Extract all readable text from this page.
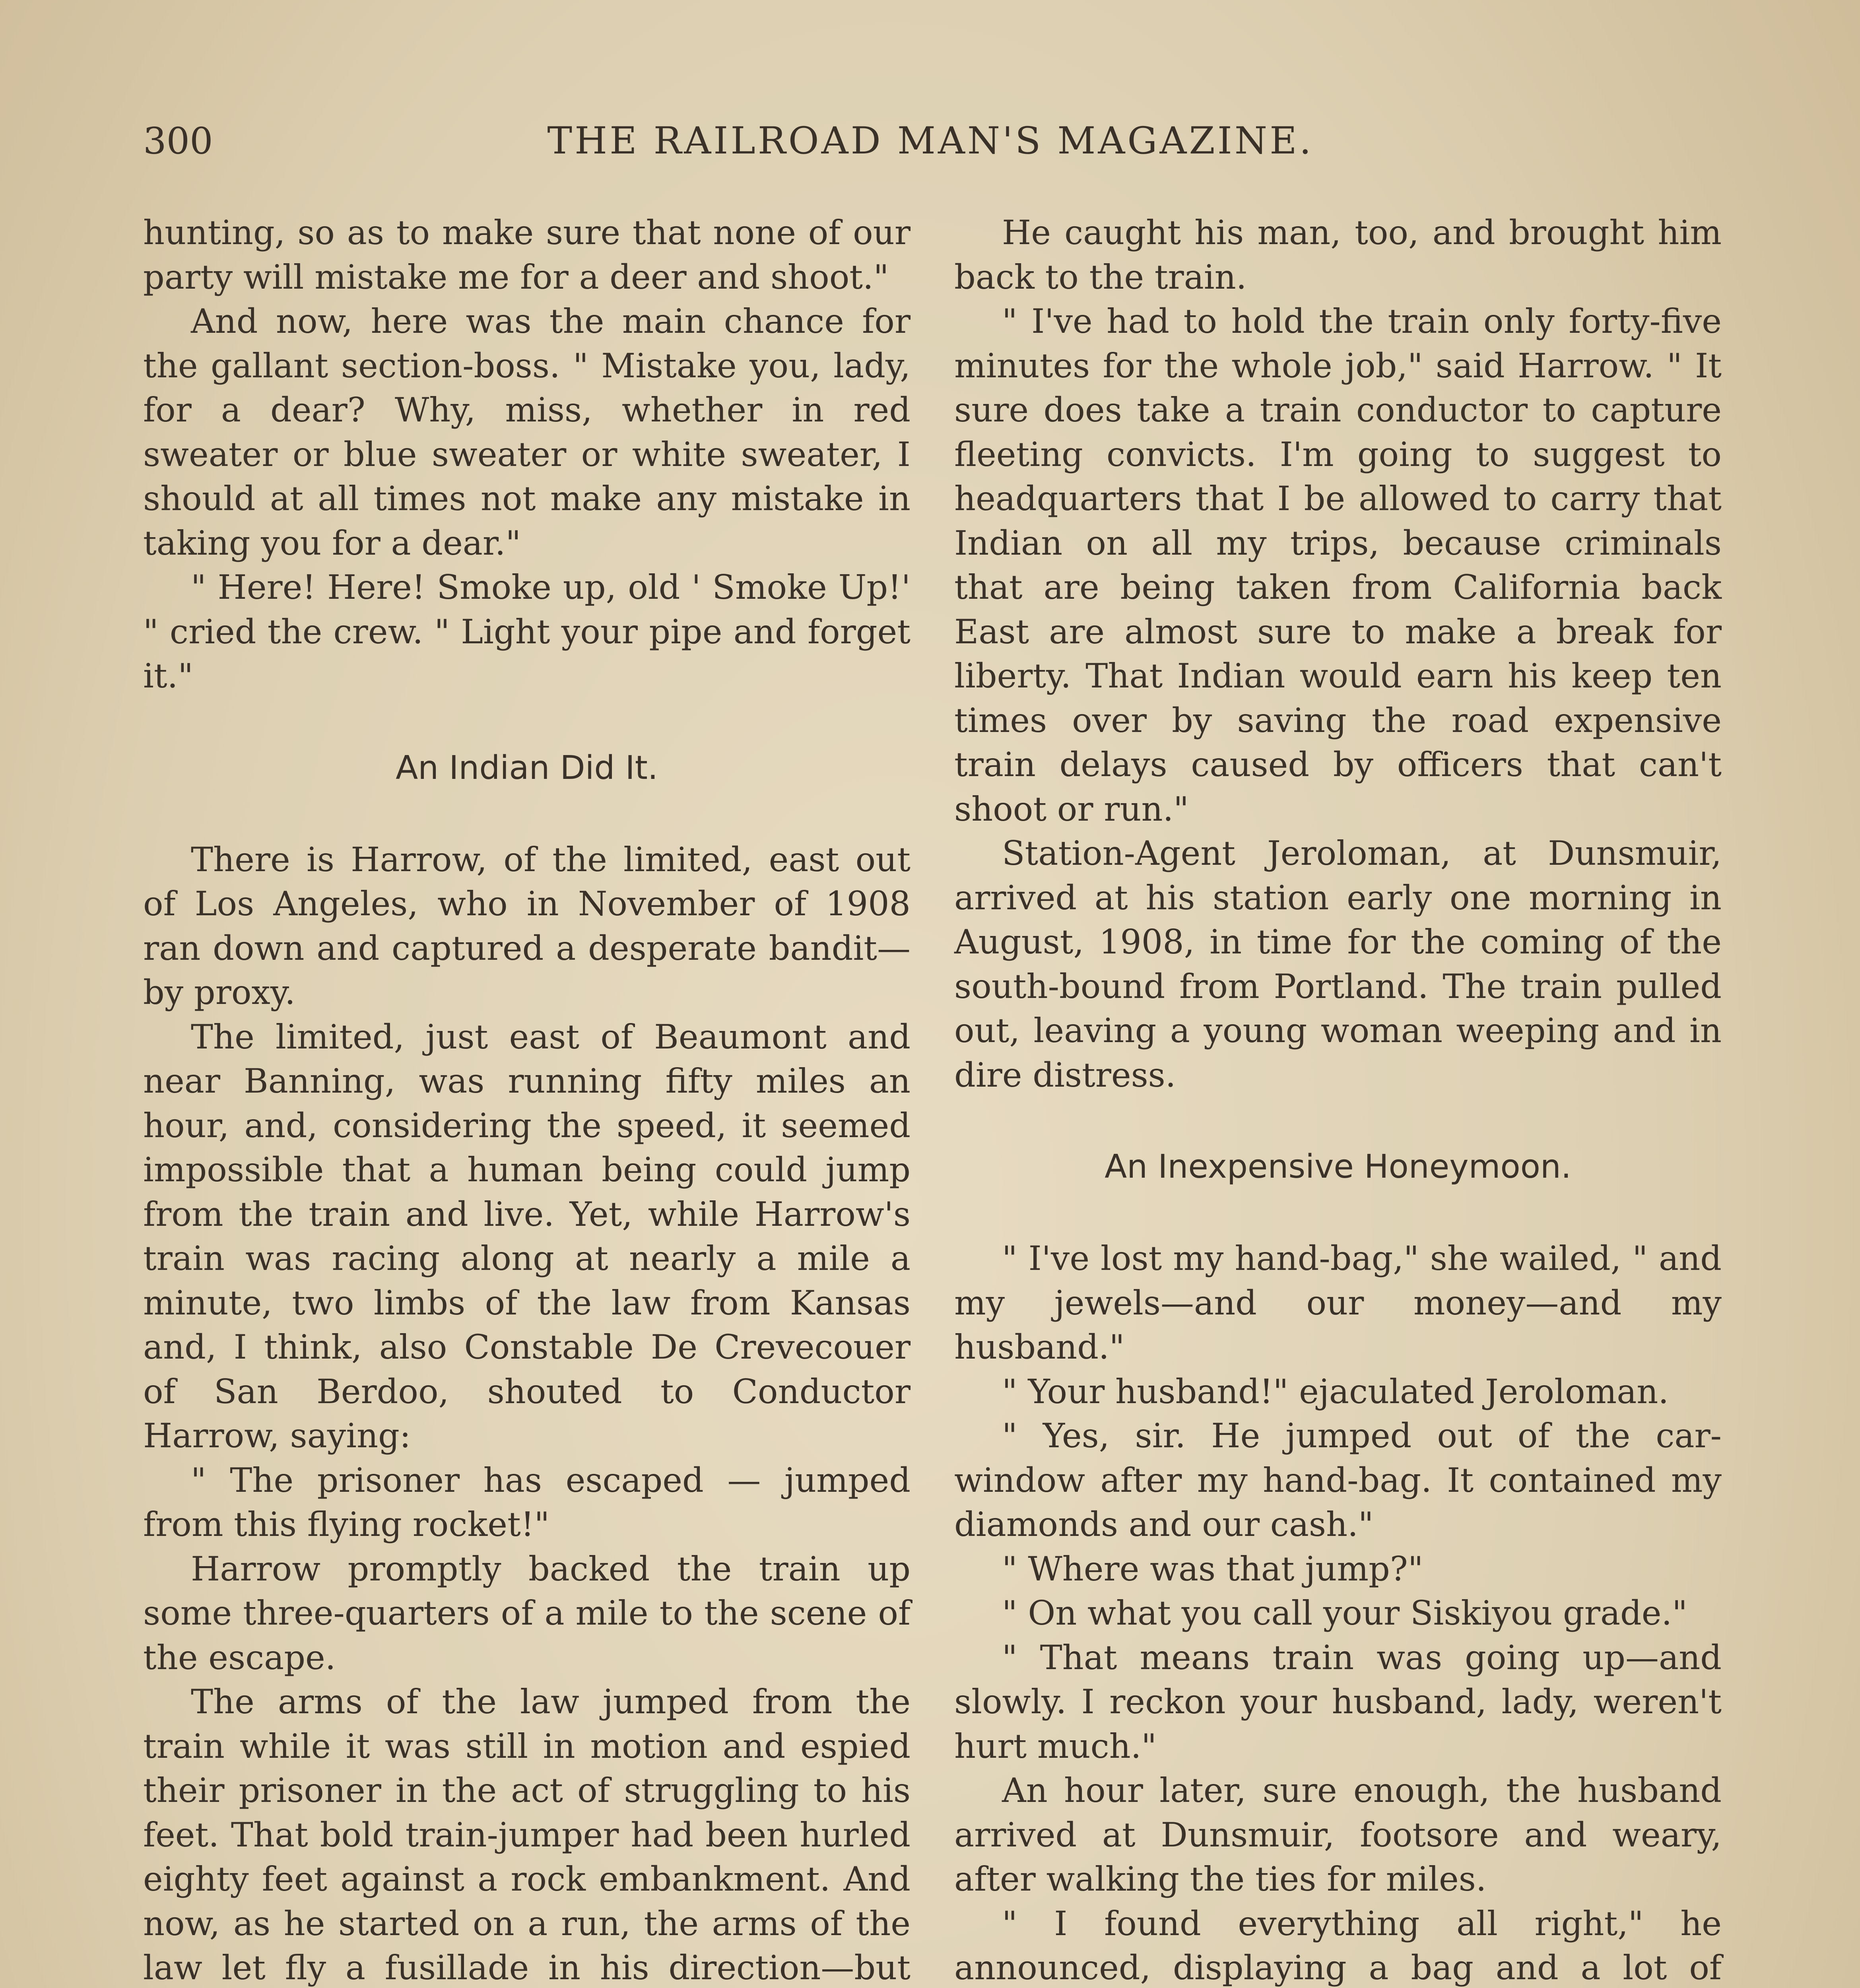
300	THE RAILROAD MAN'S MAGAZINE.

hunting, so as to make sure that none of our party will mistake me for a deer and shoot."

And now, here was the main chance for the gallant section-boss. " Mistake you, lady, for a dear? Why, miss, whether in red sweater or blue sweater or white sweater, I should at all times not make any mistake in taking you for a dear."

" Here! Here! Smoke up, old ' Smoke Up!' " cried the crew. " Light your pipe and forget it."

An Indian Did It.

There is Harrow, of the limited, east out of Los Angeles, who in November of 1908 ran down and captured a desperate bandit—by proxy.

The limited, just east of Beaumont and near Banning, was running fifty miles an hour, and, considering the speed, it seemed impossible that a human being could jump from the train and live. Yet, while Harrow's train was racing along at nearly a mile a minute, two limbs of the law from Kansas and, I think, also Constable De Crevecouer of San Berdoo, shouted to Conductor Harrow, saying:

" The prisoner has escaped — jumped from this flying rocket!"

Harrow promptly backed the train up some three-quarters of a mile to the scene of the escape.

The arms of the law jumped from the train while it was still in motion and espied their prisoner in the act of struggling to his feet. That bold train-jumper had been hurled eighty feet against a rock embankment. And now, as he started on a run, the arms of the law let fly a fusillade in his direction—but

He caught his man, too, and brought him back to the train.

" I've had to hold the train only forty-five minutes for the whole job," said Harrow. " It sure does take a train conductor to capture fleeting convicts. I'm going to suggest to headquarters that I be allowed to carry that Indian on all my trips, because criminals that are being taken from California back East are almost sure to make a break for liberty. That Indian would earn his keep ten times over by saving the road expensive train delays caused by officers that can't shoot or run."

Station-Agent Jeroloman, at Dunsmuir, arrived at his station early one morning in August, 1908, in time for the coming of the south-bound from Portland. The train pulled out, leaving a young woman weeping and in dire distress.

An Inexpensive Honeymoon.

" I've lost my hand-bag," she wailed, " and my jewels—and our money—and my husband."

" Your husband!" ejaculated Jeroloman.

" Yes, sir. He jumped out of the car-window after my hand-bag. It contained my diamonds and our cash."

" Where was that jump?"

" On what you call your Siskiyou grade."

" That means train was going up—and slowly. I reckon your husband, lady, weren't hurt much."

An hour later, sure enough, the husband arrived at Dunsmuir, footsore and weary, after walking the ties for miles.

" I found everything all right," he announced, displaying a bag and a lot of
